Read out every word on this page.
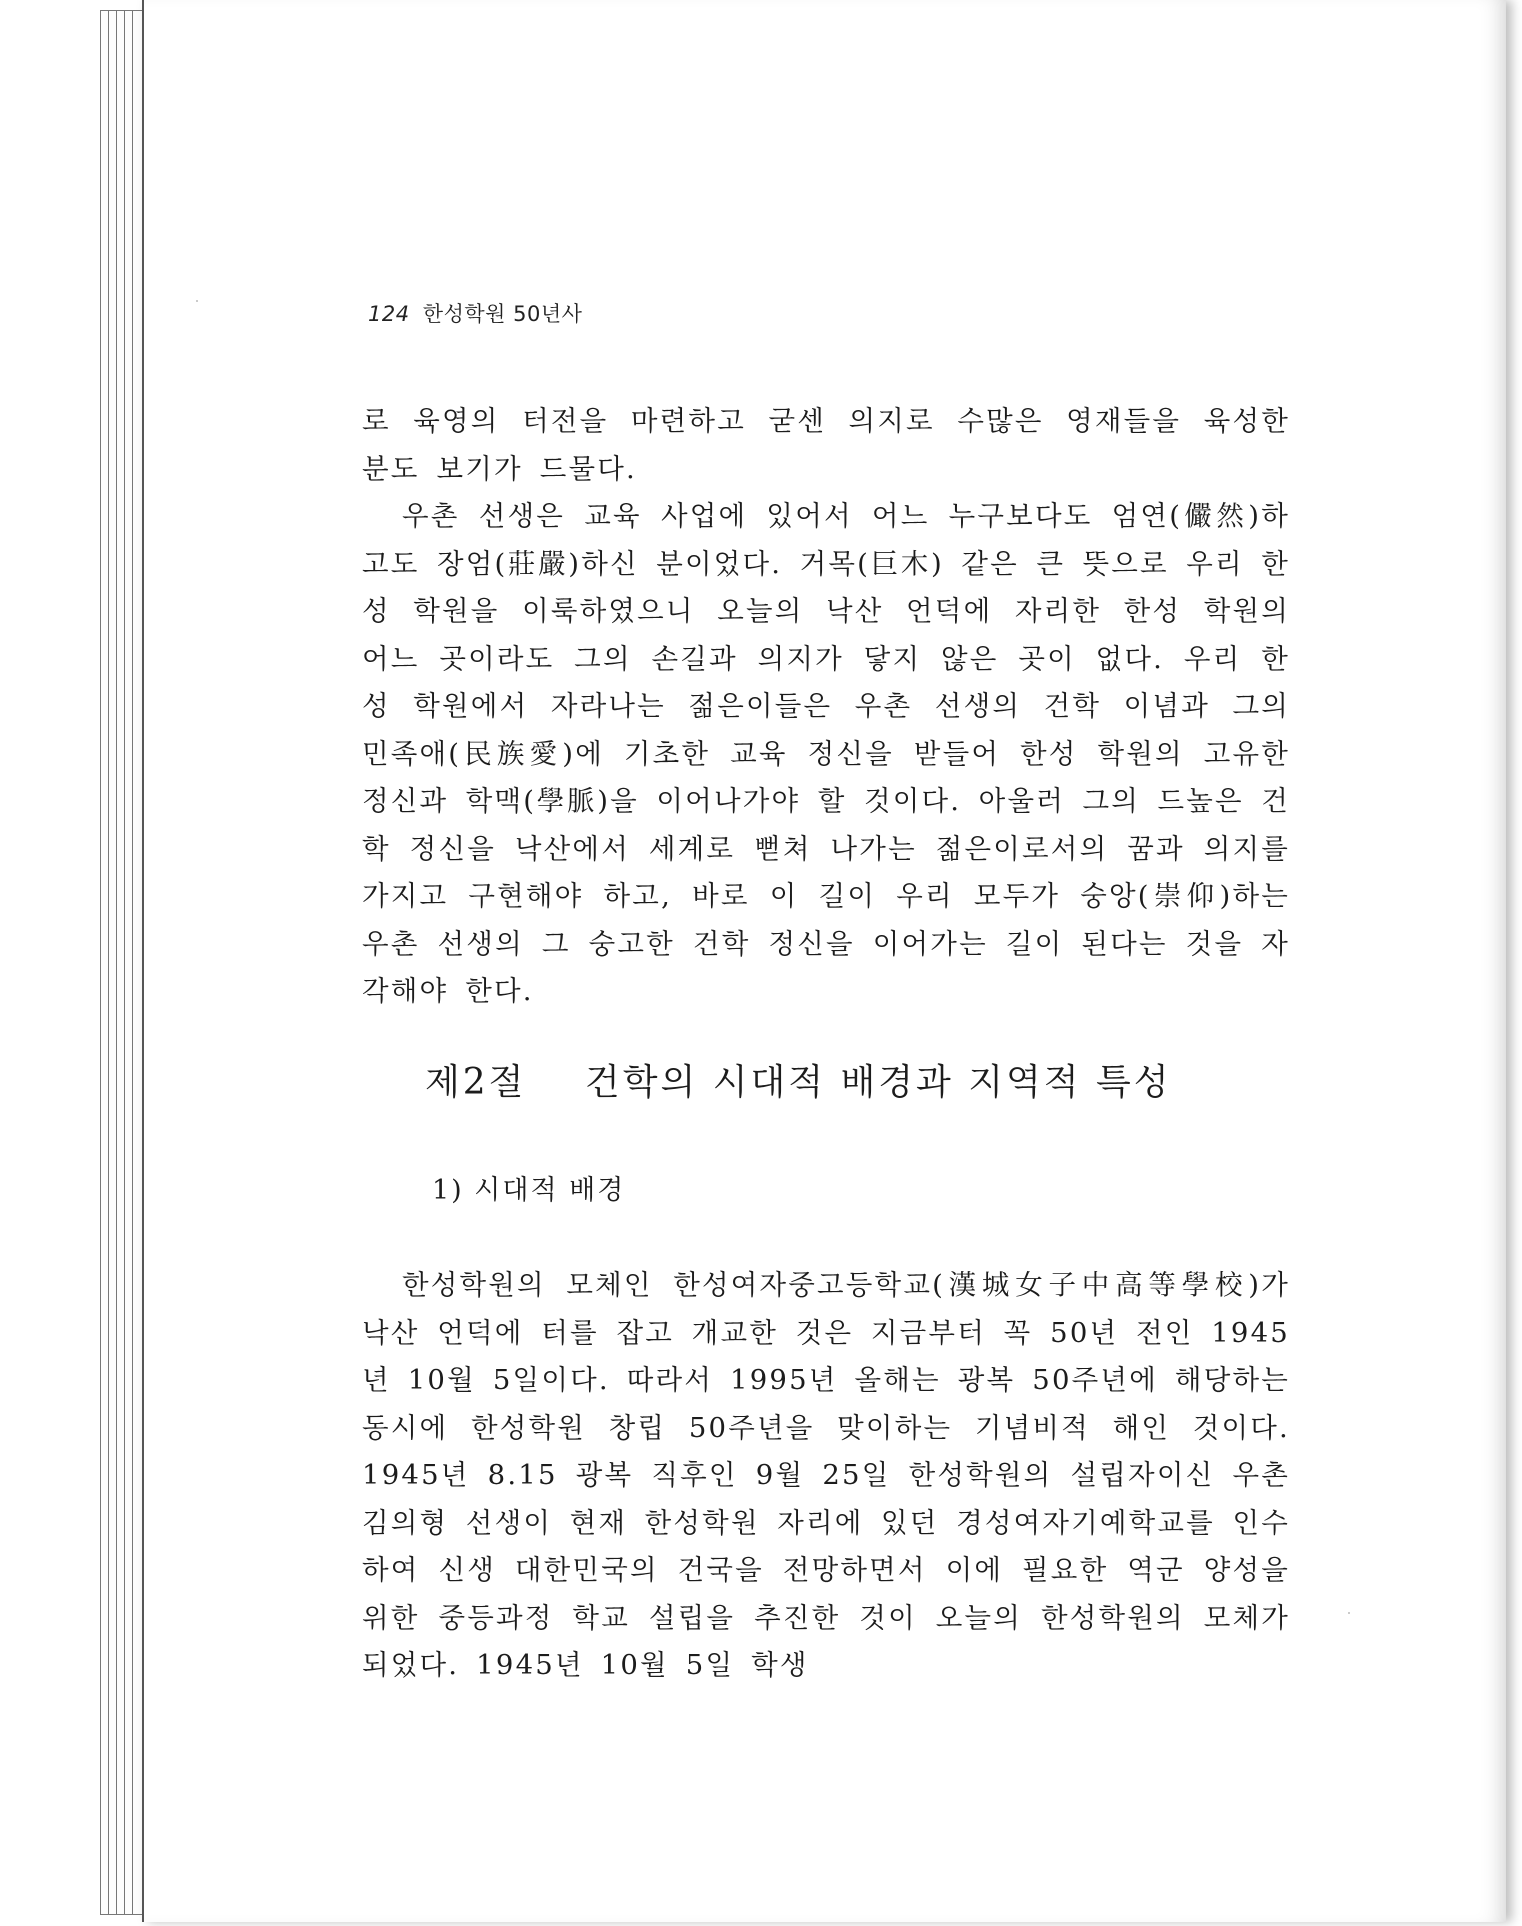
124 한성학원 50년사

로 육영의 터전을 마련하고 굳센 의지로 수많은 영재들을 육성한 분도 보기가 드물다.

우촌 선생은 교육 사업에 있어서 어느 누구보다도 엄연(儼然)하고도 장엄(莊嚴)하신 분이었다. 거목(巨木) 같은 큰 뜻으로 우리 한성 학원을 이룩하였으니 오늘의 낙산 언덕에 자리한 한성 학원의 어느 곳이라도 그의 손길과 의지가 닿지 않은 곳이 없다. 우리 한성 학원에서 자라나는 젊은이들은 우촌 선생의 건학 이념과 그의 민족애(民族愛)에 기초한 교육 정신을 받들어 한성 학원의 고유한 정신과 학맥(學脈)을 이어나가야 할 것이다. 아울러 그의 드높은 건학 정신을 낙산에서 세계로 뻗쳐 나가는 젊은이로서의 꿈과 의지를 가지고 구현해야 하고, 바로 이 길이 우리 모두가 숭앙(崇仰)하는 우촌 선생의 그 숭고한 건학 정신을 이어가는 길이 된다는 것을 자각해야 한다.

제2절 건학의 시대적 배경과 지역적 특성
1) 시대적 배경

한성학원의 모체인 한성여자중고등학교(漢城女子中高等學校)가 낙산 언덕에 터를 잡고 개교한 것은 지금부터 꼭 50년 전인 1945년 10월 5일이다. 따라서 1995년 올해는 광복 50주년에 해당하는 동시에 한성학원 창립 50주년을 맞이하는 기념비적 해인 것이다. 1945년 8.15 광복 직후인 9월 25일 한성학원의 설립자이신 우촌 김의형 선생이 현재 한성학원 자리에 있던 경성여자기예학교를 인수하여 신생 대한민국의 건국을 전망하면서 이에 필요한 역군 양성을 위한 중등과정 학교 설립을 추진한 것이 오늘의 한성학원의 모체가 되었다. 1945년 10월 5일 학생
